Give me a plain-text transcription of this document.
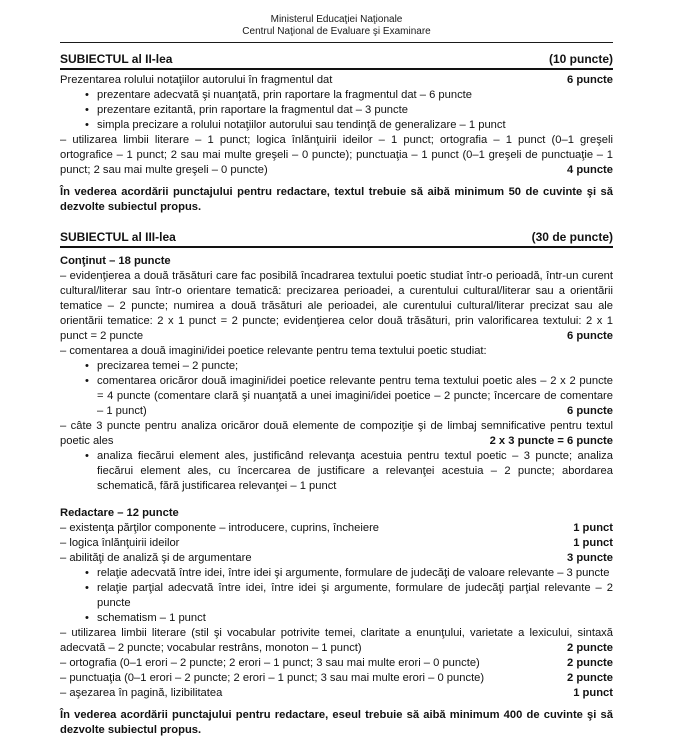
Ministerul Educaţiei Naţionale
Centrul Naţional de Evaluare şi Examinare
SUBIECTUL al II-lea	(10 puncte)

Prezentarea rolului notaţiilor autorului în fragmentul dat	6 puncte

• prezentare adecvată şi nuanţată, prin raportare la fragmentul dat – 6 puncte
• prezentare ezitantă, prin raportare la fragmentul dat – 3 puncte
• simpla precizare a rolului notaţiilor autorului sau tendinţă de generalizare – 1 punct

– utilizarea limbii literare – 1 punct; logica înlănţuirii ideilor – 1 punct; ortografia – 1 punct (0–1 greşeli ortografice – 1 punct; 2 sau mai multe greşeli – 0 puncte); punctuaţia – 1 punct (0–1 greşeli de punctuaţie – 1 punct; 2 sau mai multe greşeli – 0 puncte)	4 puncte

În vederea acordării punctajului pentru redactare, textul trebuie să aibă minimum 50 de cuvinte şi să dezvolte subiectul propus.

SUBIECTUL al III-lea	(30 de puncte)

Conţinut – 18 puncte

– evidenţierea a două trăsături care fac posibilă încadrarea textului poetic studiat într-o perioadă, într-un curent cultural/literar sau într-o orientare tematică: precizarea perioadei, a curentului cultural/literar sau a orientării tematice – 2 puncte; numirea a două trăsături ale perioadei, ale curentului cultural/literar precizat sau ale orientării tematice: 2 x 1 punct = 2 puncte; evidenţierea celor două trăsături, prin valorificarea textului: 2 x 1 punct = 2 puncte	6 puncte

– comentarea a două imagini/idei poetice relevante pentru tema textului poetic studiat:

• precizarea temei – 2 puncte;
• comentarea oricăror două imagini/idei poetice relevante pentru tema textului poetic ales – 2 x 2 puncte = 4 puncte (comentare clară şi nuanţată a unei imagini/idei poetice – 2 puncte; încercare de comentare – 1 punct)	6 puncte

– câte 3 puncte pentru analiza oricăror două elemente de compoziţie şi de limbaj semnificative pentru textul poetic ales	2 x 3 puncte = 6 puncte

• analiza fiecărui element ales, justificând relevanţa acestuia pentru textul poetic – 3 puncte; analiza fiecărui element ales, cu încercarea de justificare a relevanţei acestuia – 2 puncte; abordarea schematică, fără justificarea relevanţei – 1 punct

Redactare – 12 puncte

– existenţa părţilor componente – introducere, cuprins, încheiere	1 punct

– logica înlănţuirii ideilor	1 punct

– abilităţi de analiză şi de argumentare	3 puncte

• relaţie adecvată între idei, între idei şi argumente, formulare de judecăţi de valoare relevante – 3 puncte
• relaţie parţial adecvată între idei, între idei şi argumente, formulare de judecăţi parţial relevante – 2 puncte
• schematism – 1 punct

– utilizarea limbii literare (stil şi vocabular potrivite temei, claritate a enunţului, varietate a lexicului, sintaxă adecvată – 2 puncte; vocabular restrâns, monoton – 1 punct)	2 puncte

– ortografia (0–1 erori – 2 puncte; 2 erori – 1 punct; 3 sau mai multe erori – 0 puncte)	2 puncte

– punctuaţia (0–1 erori – 2 puncte; 2 erori – 1 punct; 3 sau mai multe erori – 0 puncte)	2 puncte

– aşezarea în pagină, lizibilitatea	1 punct

În vederea acordării punctajului pentru redactare, eseul trebuie să aibă minimum 400 de cuvinte şi să dezvolte subiectul propus.
